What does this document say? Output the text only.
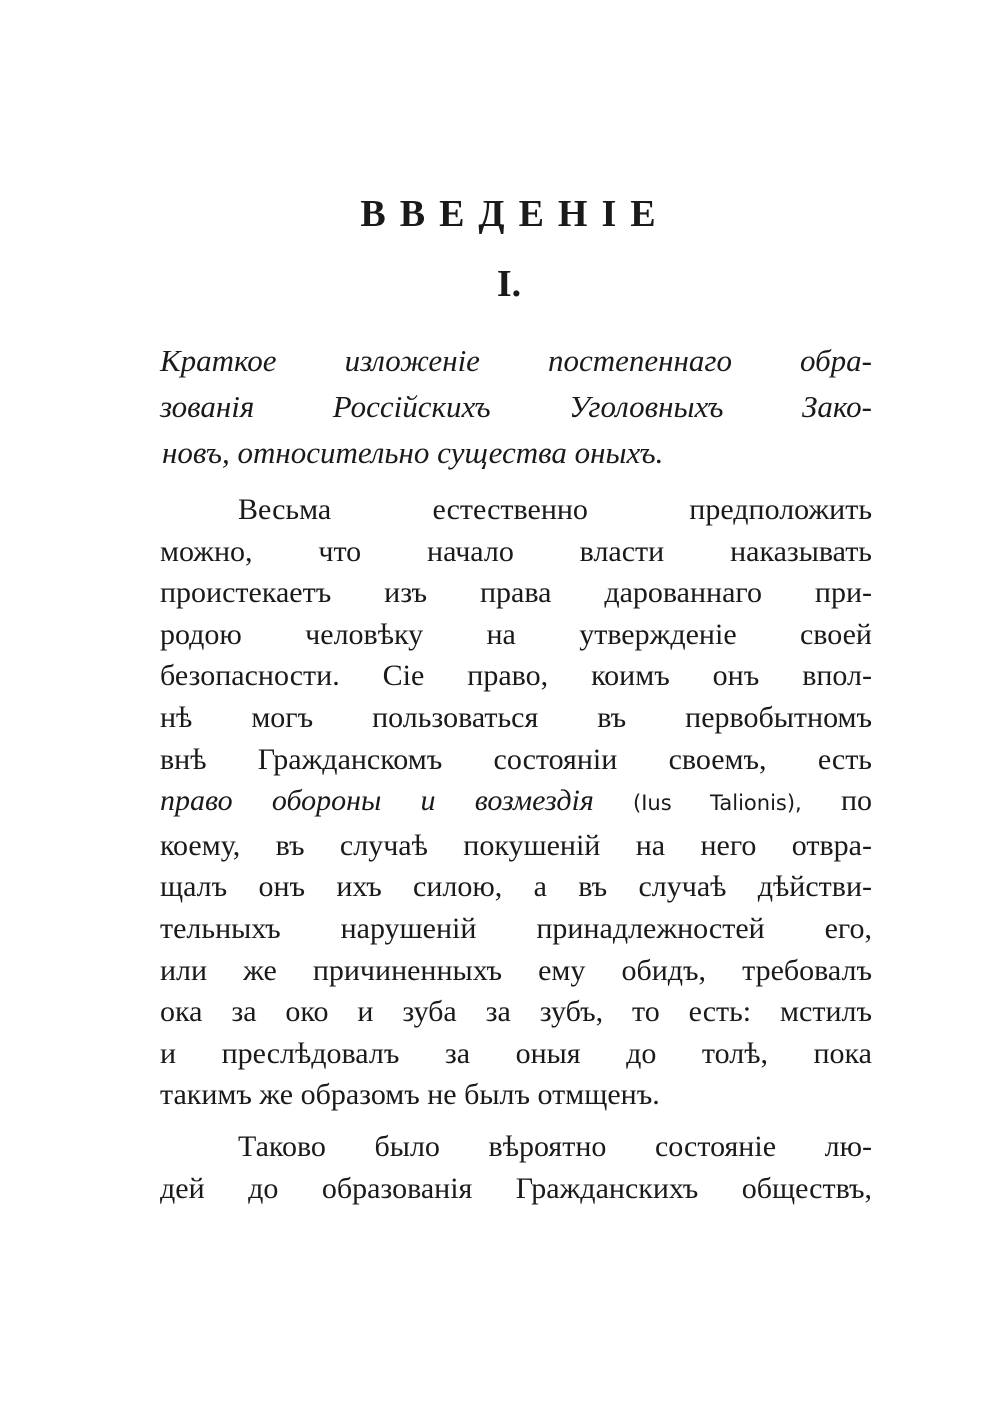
ВВЕДЕНІЕ
I.
Краткое изложеніе постепеннаго обра-
зованія Россійскихъ Уголовныхъ Зако-
новъ, относительно существа оныхъ.
Весьма естественно предположить
можно, что начало власти наказывать
проистекаетъ изъ права дарованнаго при-
родою человѣку на утвержденіе своей
безопасности. Сіе право, коимъ онъ впол-
нѣ могъ пользоваться въ первобытномъ
внѣ Гражданскомъ состояніи своемъ, есть
право обороны и возмездія (Ius Talionis), по
коему, въ случаѣ покушеній на него отвра-
щалъ онъ ихъ силою, а въ случаѣ дѣйстви-
тельныхъ нарушеній принадлежностей его,
или же причиненныхъ ему обидъ, требовалъ
ока за око и зуба за зубъ, то есть: мстилъ
и преслѣдовалъ за оныя до толѣ, пока
такимъ же образомъ не былъ отмщенъ.
Таково было вѣроятно состояніе лю-
дей до образованія Гражданскихъ обществъ,
